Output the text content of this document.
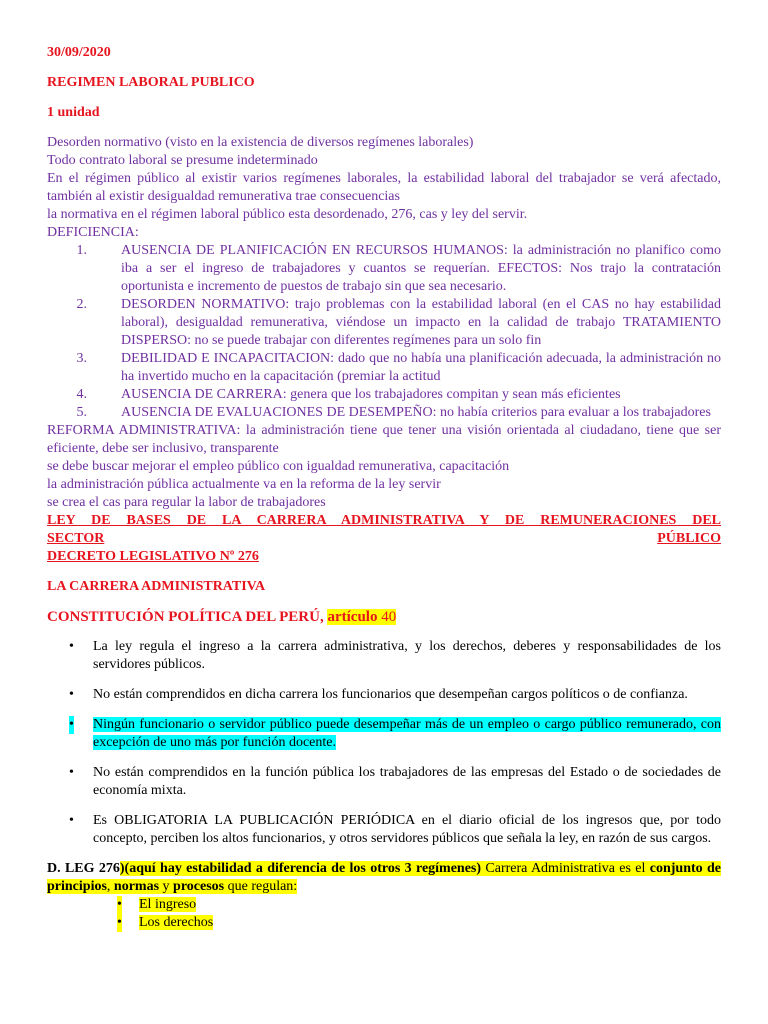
30/09/2020

REGIMEN LABORAL PUBLICO

1 unidad

Desorden normativo (visto en la existencia de diversos regímenes laborales)

Todo contrato laboral se presume indeterminado

En el régimen público al existir varios regímenes laborales, la estabilidad laboral del trabajador se verá afectado, también al existir desigualdad remunerativa trae consecuencias

la normativa en el régimen laboral público esta desordenado, 276, cas y ley del servir.

DEFICIENCIA:

1. AUSENCIA DE PLANIFICACIÓN EN RECURSOS HUMANOS: la administración no planifico como iba a ser el ingreso de trabajadores y cuantos se requerían. EFECTOS: Nos trajo la contratación oportunista e incremento de puestos de trabajo sin que sea necesario.
2. DESORDEN NORMATIVO: trajo problemas con la estabilidad laboral (en el CAS no hay estabilidad laboral), desigualdad remunerativa, viéndose un impacto en la calidad de trabajo TRATAMIENTO DISPERSO: no se puede trabajar con diferentes regímenes para un solo fin
3. DEBILIDAD E INCAPACITACION: dado que no había una planificación adecuada, la administración no ha invertido mucho en la capacitación (premiar la actitud
4. AUSENCIA DE CARRERA: genera que los trabajadores compitan y sean más eficientes
5. AUSENCIA DE EVALUACIONES DE DESEMPEÑO: no había criterios para evaluar a los trabajadores

REFORMA ADMINISTRATIVA: la administración tiene que tener una visión orientada al ciudadano, tiene que ser eficiente, debe ser inclusivo, transparente

se debe buscar mejorar el empleo público con igualdad remunerativa, capacitación

la administración pública actualmente va en la reforma de la ley servir

se crea el cas para regular la labor de trabajadores

LEY DE BASES DE LA CARRERA ADMINISTRATIVA Y DE REMUNERACIONES DEL

SECTOR	PÚBLICO

DECRETO LEGISLATIVO Nº 276

LA CARRERA ADMINISTRATIVA

CONSTITUCIÓN POLÍTICA DEL PERÚ, artículo 40

• La ley regula el ingreso a la carrera administrativa, y los derechos, deberes y responsabilidades de los servidores públicos.
• No están comprendidos en dicha carrera los funcionarios que desempeñan cargos políticos o de confianza.
• Ningún funcionario o servidor público puede desempeñar más de un empleo o cargo público remunerado, con excepción de uno más por función docente.
• No están comprendidos en la función pública los trabajadores de las empresas del Estado o de sociedades de economía mixta.
• Es OBLIGATORIA LA PUBLICACIÓN PERIÓDICA en el diario oficial de los ingresos que, por todo concepto, perciben los altos funcionarios, y otros servidores públicos que señala la ley, en razón de sus cargos.

D. LEG 276)(aquí hay estabilidad a diferencia de los otros 3 regímenes) Carrera Administrativa es el conjunto de principios, normas y procesos que regulan:

• El ingreso
• Los derechos
